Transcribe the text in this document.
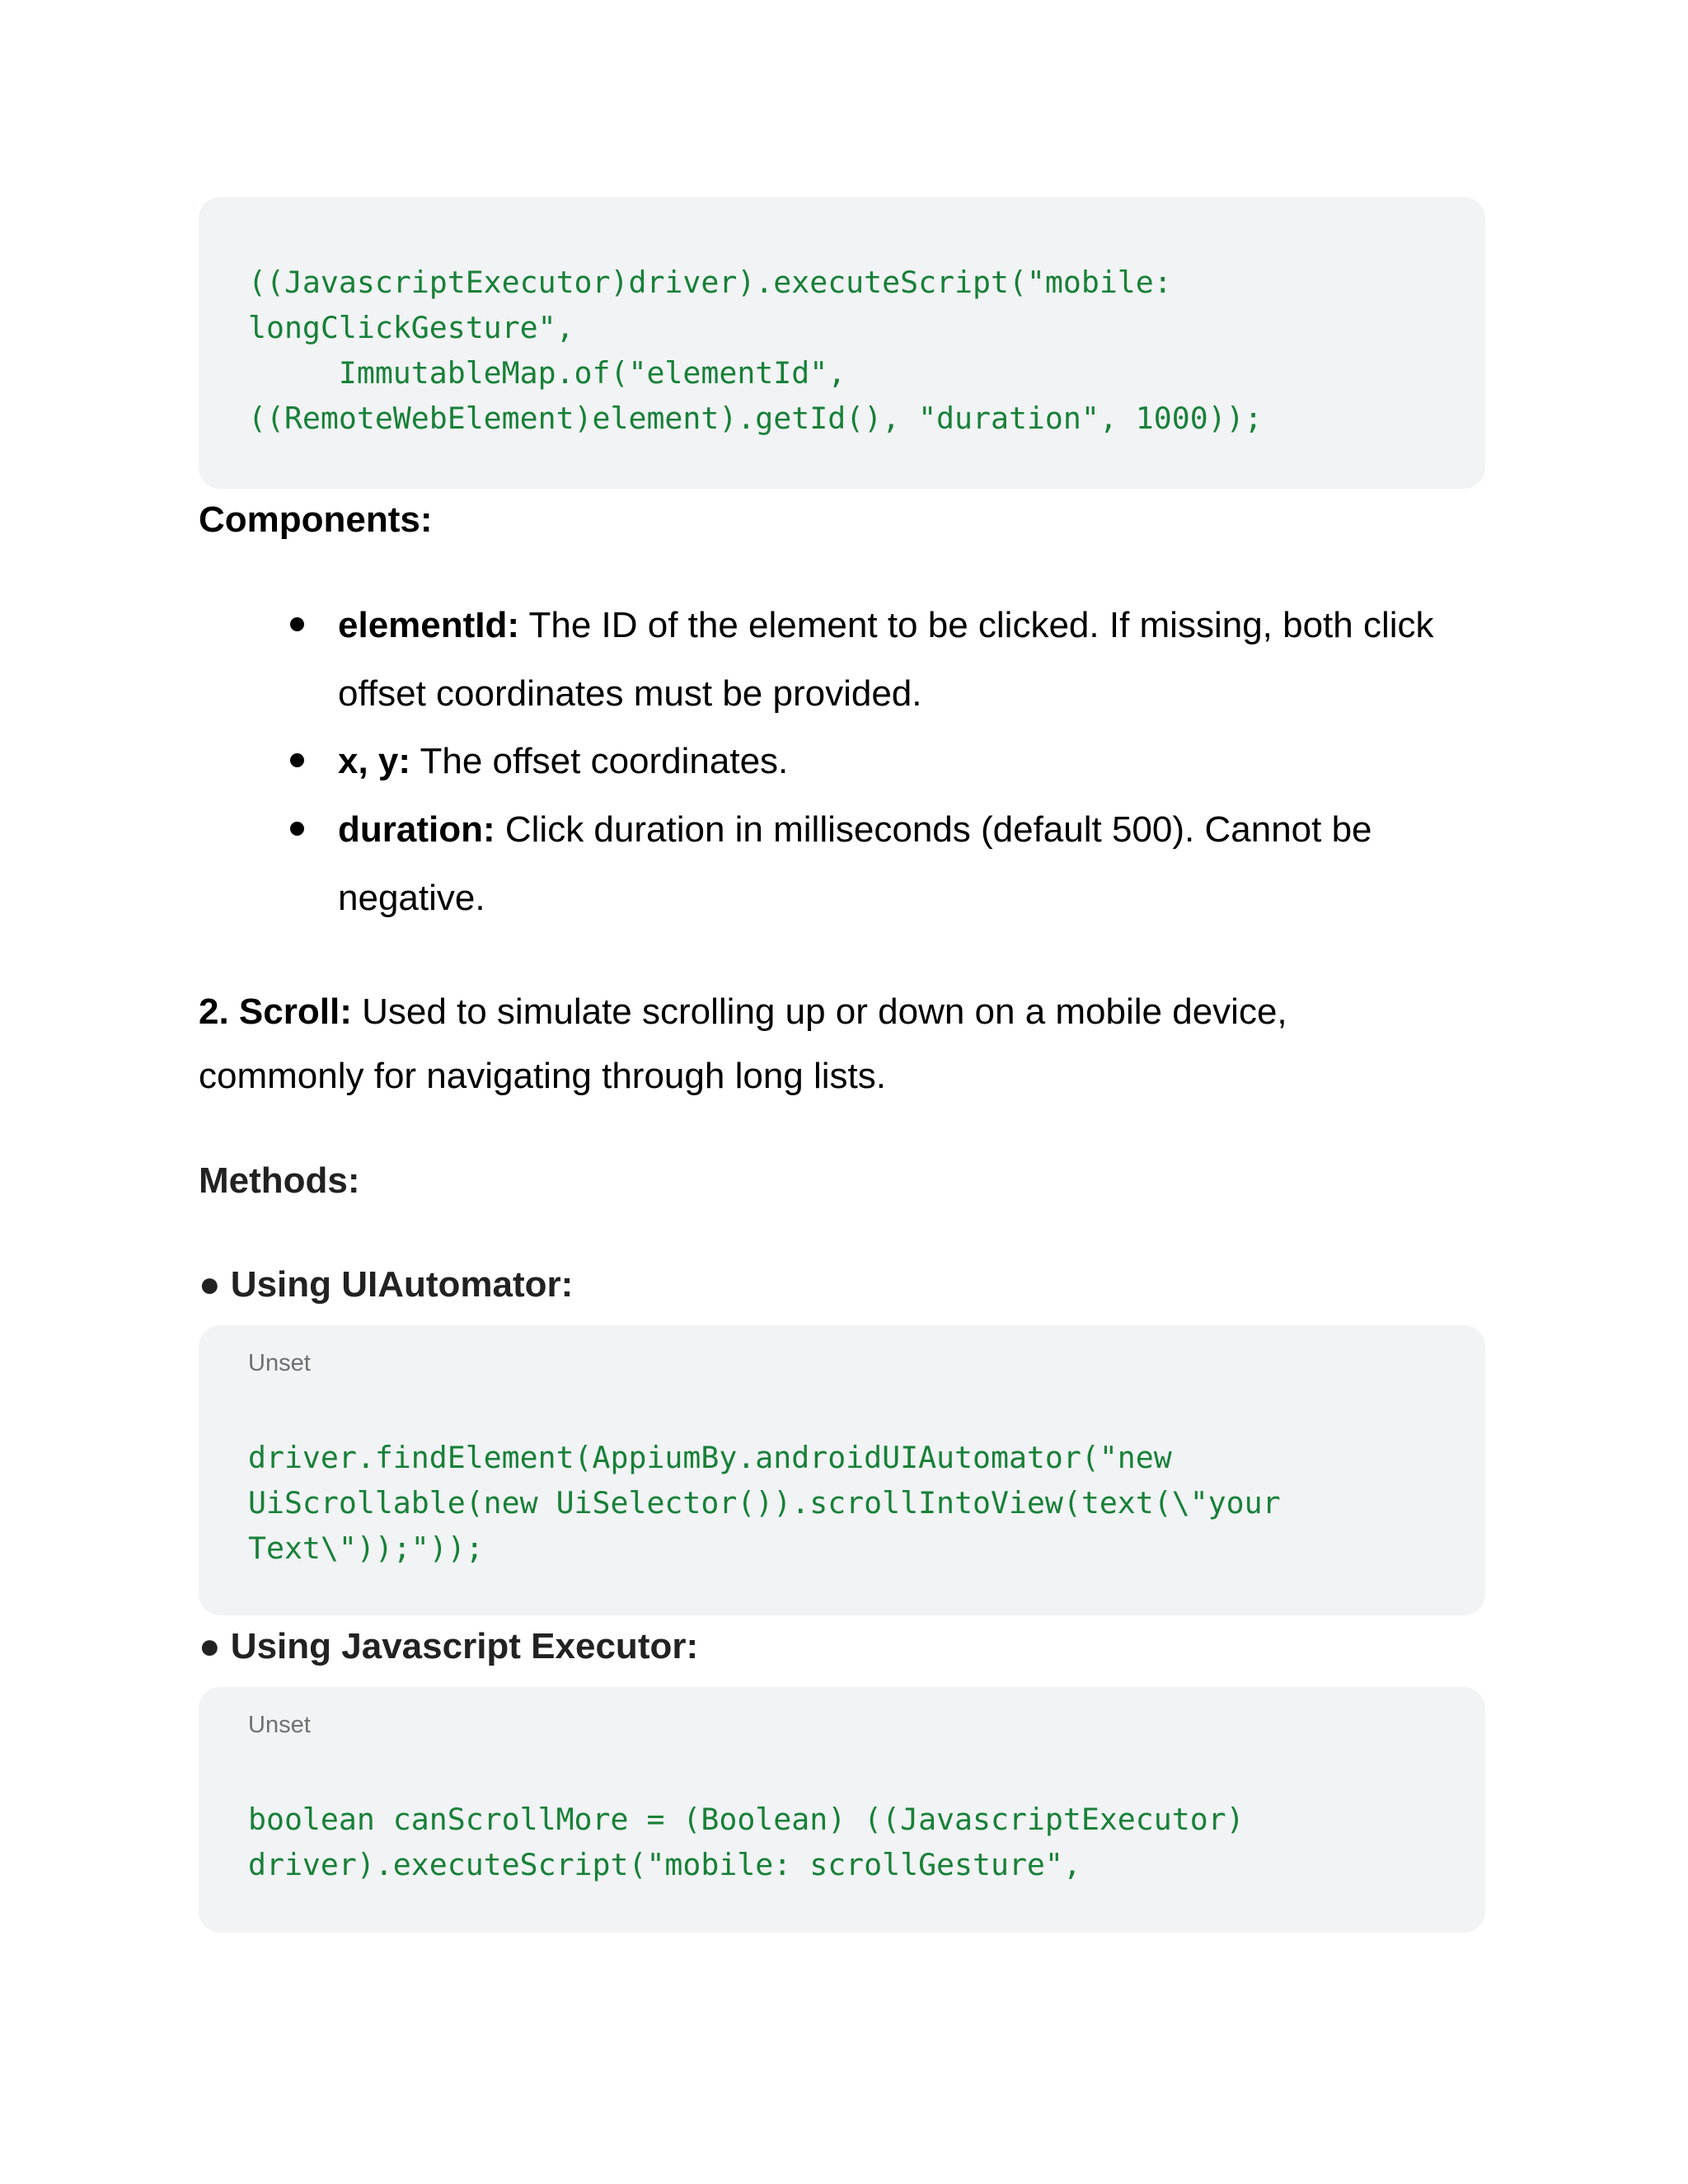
((JavascriptExecutor)driver).executeScript("mobile:
longClickGesture",
ImmutableMap.of("elementId",
((RemoteWebElement)element).getId(), "duration", 1000));
Components:
elementId: The ID of the element to be clicked. If missing, both click
offset coordinates must be provided.
x, y: The offset coordinates.
duration: Click duration in milliseconds (default 500). Cannot be
negative.
2. Scroll: Used to simulate scrolling up or down on a mobile device,
commonly for navigating through long lists.
Methods:
● Using UIAutomator:
Unset
driver.findElement(AppiumBy.androidUIAutomator("new
UiScrollable(new UiSelector()).scrollIntoView(text(\"your
Text\"));"));
● Using Javascript Executor:
Unset
boolean canScrollMore = (Boolean) ((JavascriptExecutor)
driver).executeScript("mobile: scrollGesture",
